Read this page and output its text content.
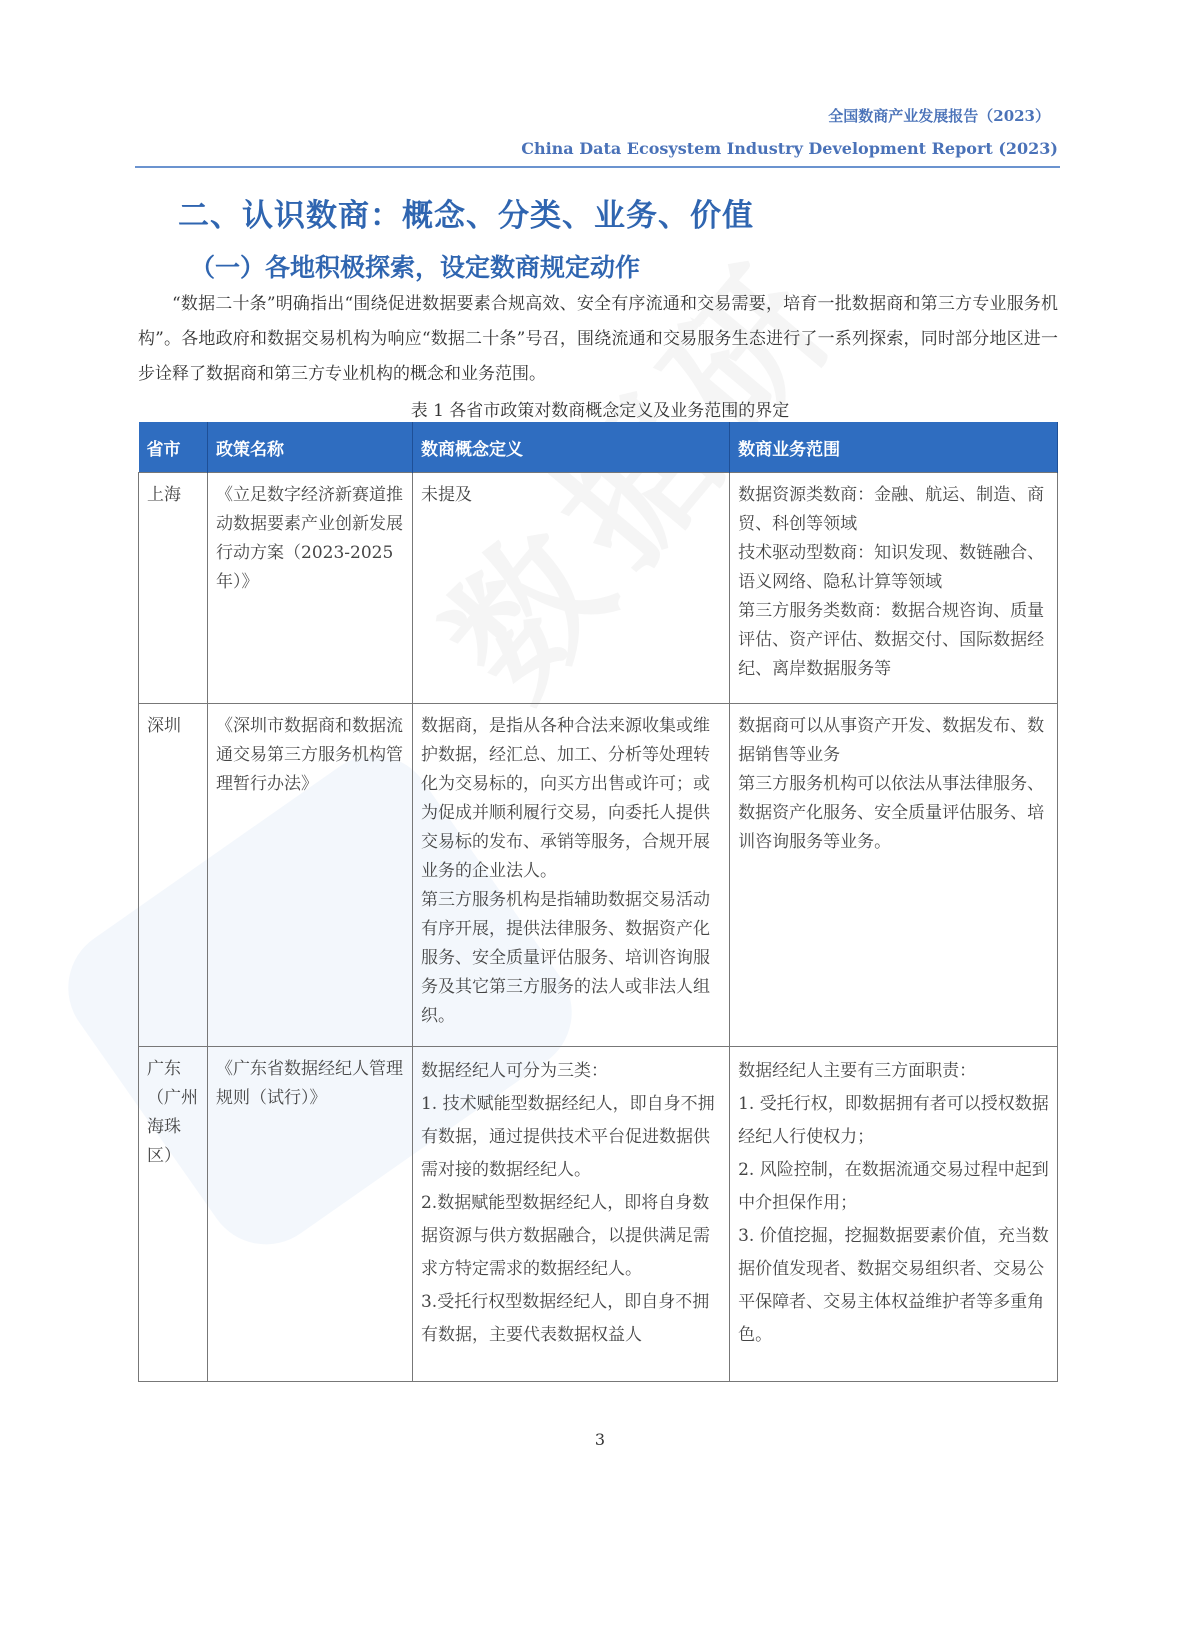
全国数商产业发展报告（2023）
China Data Ecosystem Industry Development Report (2023)
二、认识数商：概念、分类、业务、价值
（一）各地积极探索，设定数商规定动作
“数据二十条”明确指出“围绕促进数据要素合规高效、安全有序流通和交易需要，培育一批数据商和第三方专业服务机构”。各地政府和数据交易机构为响应“数据二十条”号召，围绕流通和交易服务生态进行了一系列探索，同时部分地区进一步诠释了数据商和第三方专业机构的概念和业务范围。
表 1 各省市政策对数商概念定义及业务范围的界定
省市	政策名称	数商概念定义	数商业务范围
上海	《立足数字经济新赛道推动数据要素产业创新发展行动方案（2023-2025 年）》	未提及	数据资源类数商：金融、航运、制造、商贸、科创等领域
技术驱动型数商：知识发现、数链融合、语义网络、隐私计算等领域
第三方服务类数商：数据合规咨询、质量评估、资产评估、数据交付、国际数据经纪、离岸数据服务等

深圳	《深圳市数据商和数据流通交易第三方服务机构管理暂行办法》	数据商，是指从各种合法来源收集或维护数据，经汇总、加工、分析等处理转化为交易标的，向买方出售或许可；或为促成并顺利履行交易，向委托人提供交易标的发布、承销等服务，合规开展业务的企业法人。
第三方服务机构是指辅助数据交易活动有序开展，提供法律服务、数据资产化服务、安全质量评估服务、培训咨询服务及其它第三方服务的法人或非法人组织。	数据商可以从事资产开发、数据发布、数据销售等业务
第三方服务机构可以依法从事法律服务、数据资产化服务、安全质量评估服务、培训咨询服务等业务。

广东（广州海珠区）	《广东省数据经纪人管理规则（试行）》	数据经纪人可分为三类：
1. 技术赋能型数据经纪人，即自身不拥有数据，通过提供技术平台促进数据供需对接的数据经纪人。
2.数据赋能型数据经纪人，即将自身数据资源与供方数据融合，以提供满足需求方特定需求的数据经纪人。
3.受托行权型数据经纪人，即自身不拥有数据，主要代表数据权益人	数据经纪人主要有三方面职责：
1. 受托行权，即数据拥有者可以授权数据经纪人行使权力；
2. 风险控制，在数据流通交易过程中起到中介担保作用；
3. 价值挖掘，挖掘数据要素价值，充当数据价值发现者、数据交易组织者、交易公平保障者、交易主体权益维护者等多重角色。
3
